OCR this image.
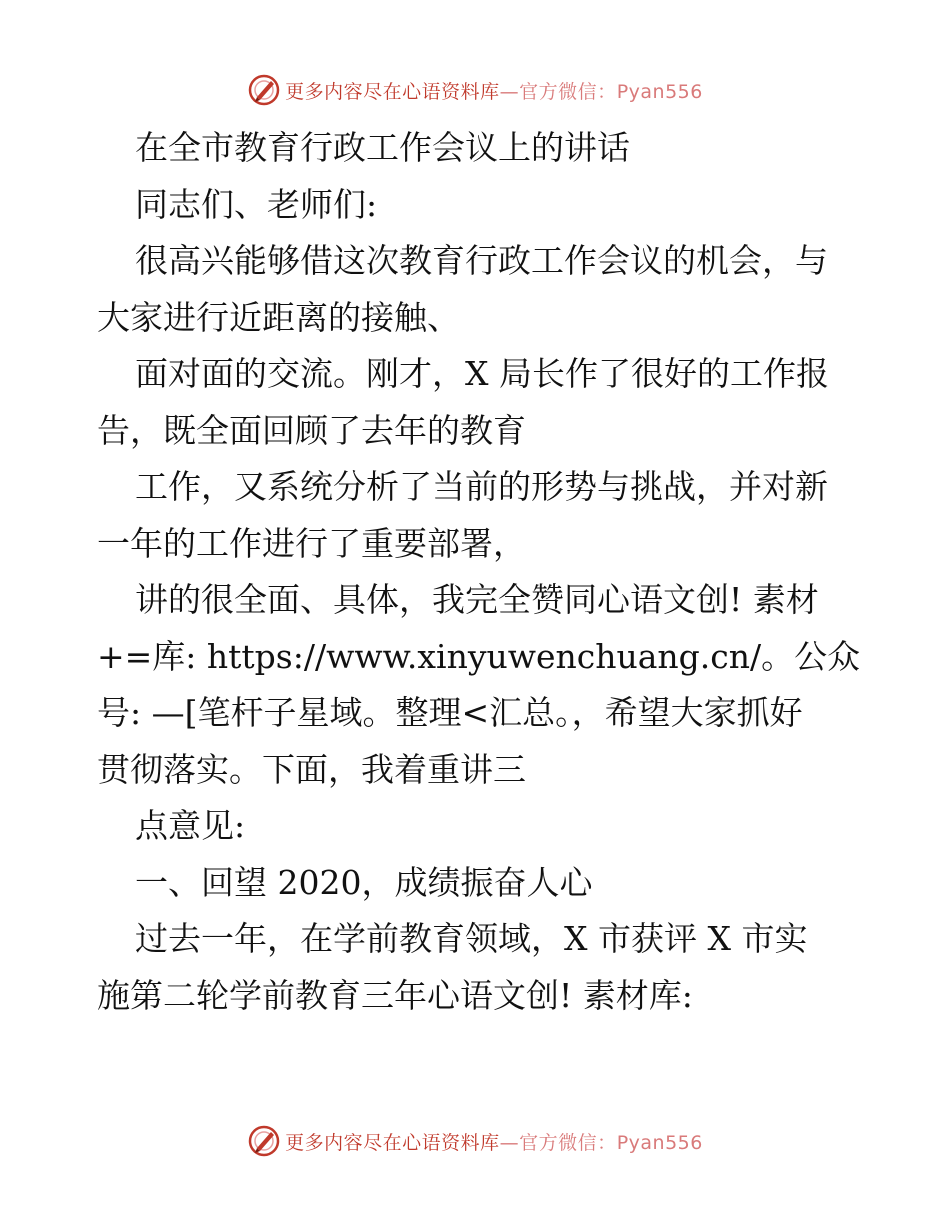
更多内容尽在心语资料库—官方微信：Pyan556
在全市教育行政工作会议上的讲话
同志们、老师们:
很高兴能够借这次教育行政工作会议的机会，与
大家进行近距离的接触、
面对面的交流。刚才，X 局长作了很好的工作报
告，既全面回顾了去年的教育
工作，又系统分析了当前的形势与挑战，并对新
一年的工作进行了重要部署，
讲的很全面、具体，我完全赞同心语文创! 素材
+=库: https://www.xinyuwenchuang.cn/。公众
号: —[笔杆子星域。整理<汇总。，希望大家抓好
贯彻落实。下面，我着重讲三
点意见:
一、回望 2020，成绩振奋人心
过去一年，在学前教育领域，X 市获评 X 市实
施第二轮学前教育三年心语文创! 素材库:
更多内容尽在心语资料库—官方微信：Pyan556
